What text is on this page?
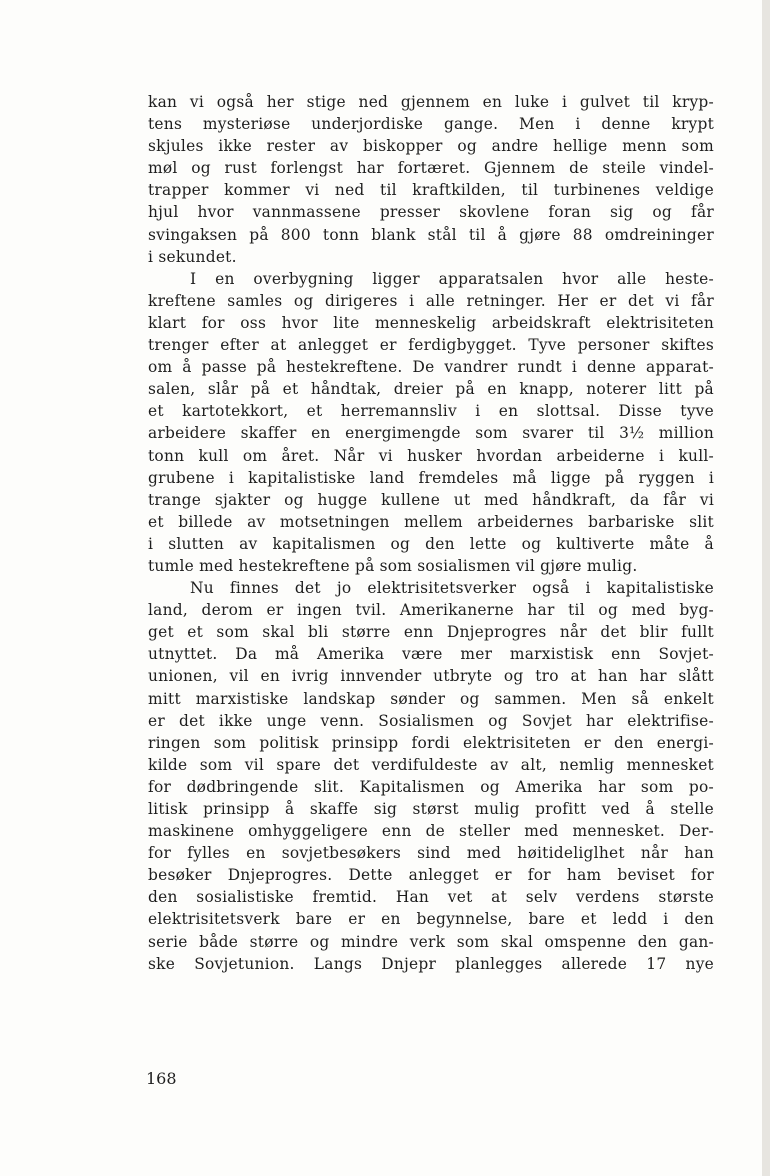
kan vi også her stige ned gjennem en luke i gulvet til kryp-
tens mysteriøse underjordiske gange. Men i denne krypt
skjules ikke rester av biskopper og andre hellige menn som
møl og rust forlengst har fortæret. Gjennem de steile vindel-
trapper kommer vi ned til kraftkilden, til turbinenes veldige
hjul hvor vannmassene presser skovlene foran sig og får
svingaksen på 800 tonn blank stål til å gjøre 88 omdreininger
i sekundet.
I en overbygning ligger apparatsalen hvor alle heste-
kreftene samles og dirigeres i alle retninger. Her er det vi får
klart for oss hvor lite menneskelig arbeidskraft elektrisiteten
trenger efter at anlegget er ferdigbygget. Tyve personer skiftes
om å passe på hestekreftene. De vandrer rundt i denne apparat-
salen, slår på et håndtak, dreier på en knapp, noterer litt på
et kartotekkort, et herremannsliv i en slottsal. Disse tyve
arbeidere skaffer en energimengde som svarer til 3½ million
tonn kull om året. Når vi husker hvordan arbeiderne i kull-
grubene i kapitalistiske land fremdeles må ligge på ryggen i
trange sjakter og hugge kullene ut med håndkraft, da får vi
et billede av motsetningen mellem arbeidernes barbariske slit
i slutten av kapitalismen og den lette og kultiverte måte å
tumle med hestekreftene på som sosialismen vil gjøre mulig.
Nu finnes det jo elektrisitetsverker også i kapitalistiske
land, derom er ingen tvil. Amerikanerne har til og med byg-
get et som skal bli større enn Dnjeprogres når det blir fullt
utnyttet. Da må Amerika være mer marxistisk enn Sovjet-
unionen, vil en ivrig innvender utbryte og tro at han har slått
mitt marxistiske landskap sønder og sammen. Men så enkelt
er det ikke unge venn. Sosialismen og Sovjet har elektrifise-
ringen som politisk prinsipp fordi elektrisiteten er den energi-
kilde som vil spare det verdifuldeste av alt, nemlig mennesket
for dødbringende slit. Kapitalismen og Amerika har som po-
litisk prinsipp å skaffe sig størst mulig profitt ved å stelle
maskinene omhyggeligere enn de steller med mennesket. Der-
for fylles en sovjetbesøkers sind med høitideliglhet når han
besøker Dnjeprogres. Dette anlegget er for ham beviset for
den sosialistiske fremtid. Han vet at selv verdens største
elektrisitetsverk bare er en begynnelse, bare et ledd i den
serie både større og mindre verk som skal omspenne den gan-
ske Sovjetunion. Langs Dnjepr planlegges allerede 17 nye
168
